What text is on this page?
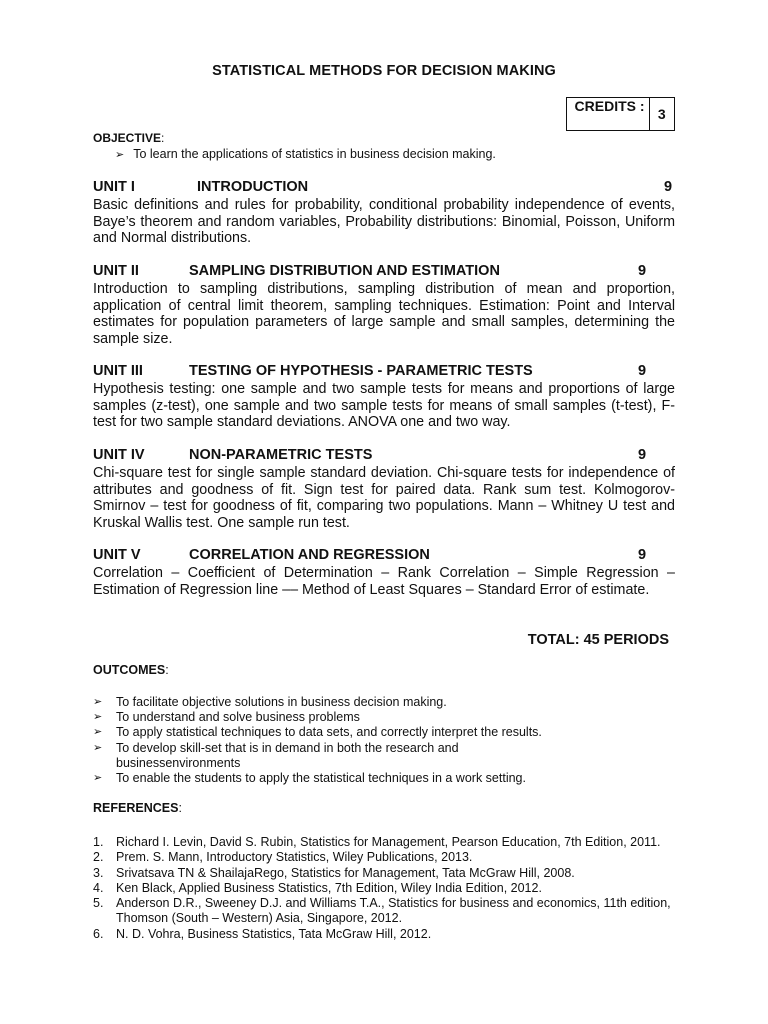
STATISTICAL METHODS FOR DECISION MAKING
CREDITS :	3
OBJECTIVE:
➢ To learn the applications of statistics in business decision making.
UNIT I	INTRODUCTION	9

Basic definitions and rules for probability, conditional probability independence of events, Baye’s theorem and random variables, Probability distributions: Binomial, Poisson, Uniform and Normal distributions.

UNIT II	SAMPLING DISTRIBUTION AND ESTIMATION	9

Introduction to sampling distributions, sampling distribution of mean and proportion, application of central limit theorem, sampling techniques. Estimation: Point and Interval estimates for population parameters of large sample and small samples, determining the sample size.

UNIT III	TESTING OF HYPOTHESIS - PARAMETRIC TESTS	9

Hypothesis testing: one sample and two sample tests for means and proportions of large samples (z-test), one sample and two sample tests for means of small samples (t-test), F-test for two sample standard deviations. ANOVA one and two way.

UNIT IV	NON-PARAMETRIC TESTS	9

Chi-square test for single sample standard deviation. Chi-square tests for independence of attributes and goodness of fit. Sign test for paired data. Rank sum test. Kolmogorov-Smirnov – test for goodness of fit, comparing two populations. Mann – Whitney U test and Kruskal Wallis test. One sample run test.

UNIT V	CORRELATION AND REGRESSION	9

Correlation – Coefficient of Determination – Rank Correlation – Simple Regression – Estimation of Regression line –– Method of Least Squares – Standard Error of estimate.

TOTAL: 45 PERIODS
OUTCOMES:
➢ To facilitate objective solutions in business decision making.
➢ To understand and solve business problems
➢ To apply statistical techniques to data sets, and correctly interpret the results.
➢ To develop skill-set that is in demand in both the research and businessenvironments
➢ To enable the students to apply the statistical techniques in a work setting.
REFERENCES:
1. Richard I. Levin, David S. Rubin, Statistics for Management, Pearson Education, 7th Edition, 2011.
2. Prem. S. Mann, Introductory Statistics, Wiley Publications, 2013.
3. Srivatsava TN & ShailajaRego, Statistics for Management, Tata McGraw Hill, 2008.
4. Ken Black, Applied Business Statistics, 7th Edition, Wiley India Edition, 2012.
5. Anderson D.R., Sweeney D.J. and Williams T.A., Statistics for business and economics, 11th edition, Thomson (South – Western) Asia, Singapore, 2012.
6. N. D. Vohra, Business Statistics, Tata McGraw Hill, 2012.
